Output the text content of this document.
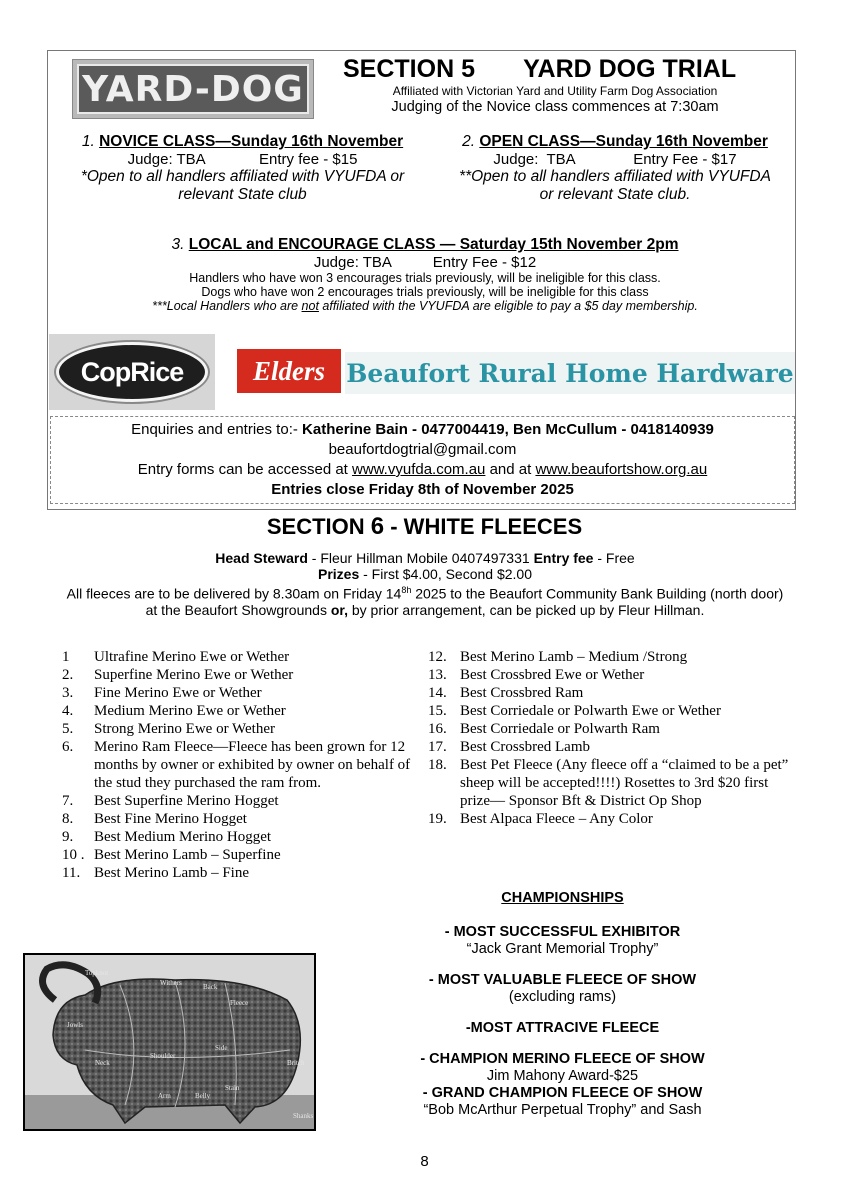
YARD-DOG SECTION 5       YARD DOG TRIAL
Affiliated with Victorian Yard and Utility Farm Dog Association
Judging of the Novice class commences at 7:30am
1. NOVICE CLASS—Sunday 16th November
Judge: TBA             Entry fee - $15
*Open to all handlers affiliated with VYUFDA or relevant State club
2. OPEN CLASS—Sunday 16th November
Judge:  TBA              Entry Fee - $17
**Open to all handlers affiliated with VYUFDA or relevant State club.
3. LOCAL and ENCOURAGE CLASS — Saturday 15th November 2pm
Judge: TBA          Entry Fee - $12
Handlers who have won 3 encourages trials previously, will be ineligible for this class.
Dogs who have won 2 encourages trials previously, will be ineligible for this class
***Local Handlers who are not affiliated with the VYUFDA are eligible to pay a $5 day membership.
CopRice	Elders Beaufort Rural Home Hardware
Enquiries and entries to:- Katherine Bain - 0477004419, Ben McCullum - 0418140939
beaufortdogtrial@gmail.com
Entry forms can be accessed at www.vyufda.com.au and at www.beaufortshow.org.au
Entries close Friday 8th of November 2025
SECTION 6 - WHITE FLEECES
Head Steward - Fleur Hillman Mobile 0407497331 Entry fee - Free
Prizes - First $4.00, Second $2.00
All fleeces are to be delivered by 8.30am on Friday $14^{8h}$ 2025 to the Beaufort Community Bank Building (north door)
at the Beaufort Showgrounds or, by prior arrangement, can be picked up by Fleur Hillman.
1	Ultrafine Merino Ewe or Wether
2.	Superfine Merino Ewe or Wether
3.	Fine Merino Ewe or Wether
4.	Medium Merino Ewe or Wether
5.	Strong Merino Ewe or Wether
6.	Merino Ram Fleece—Fleece has been grown for 12 months by owner or exhibited by owner on behalf of the stud they purchased the ram from.
7.	Best Superfine Merino Hogget
8.	Best Fine Merino Hogget
9.	Best Medium Merino Hogget
10 . Best Merino Lamb – Superfine
11. Best Merino Lamb – Fine
12. Best Merino Lamb – Medium /Strong
13. Best Crossbred Ewe or Wether
14. Best Crossbred Ram
15. Best Corriedale or Polwarth Ewe or Wether
16. Best Corriedale or Polwarth Ram
17. Best Crossbred Lamb
18. Best Pet Fleece (Any fleece off a “claimed to be a pet” sheep will be accepted!!!!) Rosettes to 3rd $20 first prize— Sponsor Bft & District Op Shop
19. Best Alpaca Fleece – Any Color
CHAMPIONSHIPS
- MOST SUCCESSFUL EXHIBITOR
“Jack Grant Memorial Trophy”
- MOST VALUABLE FLEECE OF SHOW
(excluding rams)
-MOST ATTRACIVE FLEECE
- CHAMPION MERINO FLEECE OF SHOW
Jim Mahony Award-$25
- GRAND CHAMPION FLEECE OF SHOW
“Bob McArthur Perpetual Trophy” and Sash
Topknot
Withers	Back
Fleece
Jowls
Neck
Shoulder
Side
Belly
Arm
Stain
Britch
Shanks
8
